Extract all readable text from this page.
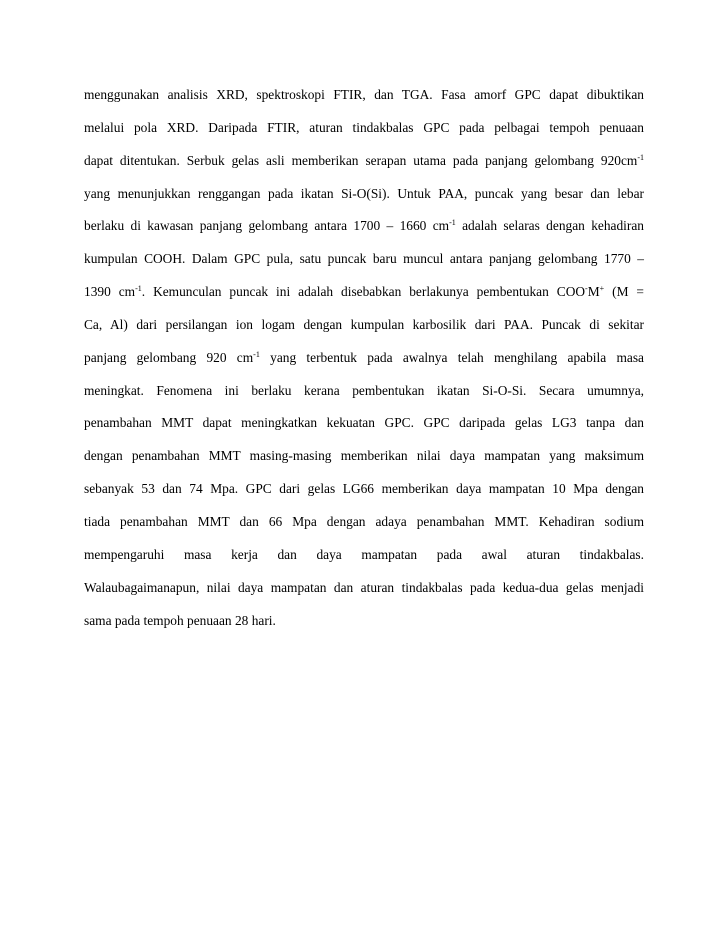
menggunakan analisis XRD, spektroskopi FTIR, dan TGA. Fasa amorf GPC dapat dibuktikan
melalui pola XRD. Daripada FTIR, aturan tindakbalas GPC pada pelbagai tempoh penuaan
dapat ditentukan. Serbuk gelas asli memberikan serapan utama pada panjang gelombang $920cm^{-1}$
yang menunjukkan renggangan pada ikatan Si-O(Si). Untuk PAA, puncak yang besar dan lebar
berlaku di kawasan panjang gelombang antara 1700 – 1660 $cm^{-1}$ adalah selaras dengan kehadiran
kumpulan COOH. Dalam GPC pula, satu puncak baru muncul antara panjang gelombang 1770 –
1390 $cm^{-1}$. Kemunculan puncak ini adalah disebabkan berlakunya pembentukan COO-M+ (M =
Ca, Al) dari persilangan ion logam dengan kumpulan karbosilik dari PAA. Puncak di sekitar
panjang gelombang 920 $cm^{-1}$ yang terbentuk pada awalnya telah menghilang apabila masa
meningkat. Fenomena ini berlaku kerana pembentukan ikatan Si-O-Si. Secara umumnya,
penambahan MMT dapat meningkatkan kekuatan GPC. GPC daripada gelas LG3 tanpa dan
dengan penambahan MMT masing-masing memberikan nilai daya mampatan yang maksimum
sebanyak 53 dan 74 Mpa. GPC dari gelas LG66 memberikan daya mampatan 10 Mpa dengan
tiada penambahan MMT dan 66 Mpa dengan adaya penambahan MMT. Kehadiran sodium
mempengaruhi masa kerja dan daya mampatan pada awal aturan tindakbalas.
Walaubagaimanapun, nilai daya mampatan dan aturan tindakbalas pada kedua-dua gelas menjadi
sama pada tempoh penuaan 28 hari.
